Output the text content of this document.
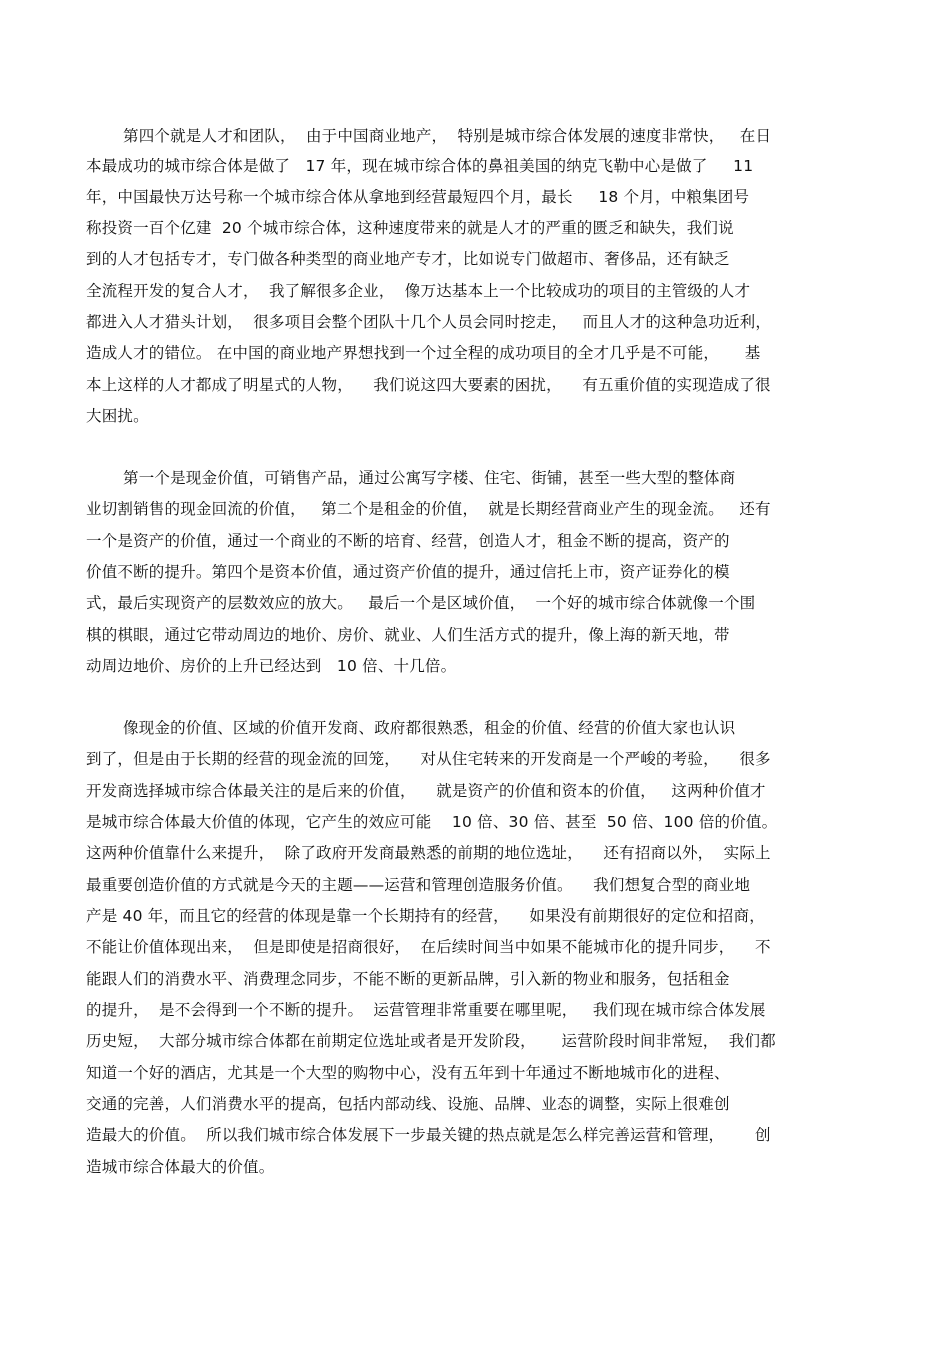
第四个就是人才和团队，  由于中国商业地产，  特别是城市综合体发展的速度非常快，   在日
本最成功的城市综合体是做了   17 年，现在城市综合体的鼻祖美国的纳克飞勒中心是做了     11
年，中国最快万达号称一个城市综合体从拿地到经营最短四个月，最长     18 个月，中粮集团号
称投资一百个亿建  20 个城市综合体，这种速度带来的就是人才的严重的匮乏和缺失，我们说
到的人才包括专才，专门做各种类型的商业地产专才，比如说专门做超市、奢侈品，还有缺乏
全流程开发的复合人才，  我了解很多企业，  像万达基本上一个比较成功的项目的主管级的人才
都进入人才猎头计划，  很多项目会整个团队十几个人员会同时挖走，   而且人才的这种急功近利，
造成人才的错位。 在中国的商业地产界想找到一个过全程的成功项目的全才几乎是不可能，     基
本上这样的人才都成了明星式的人物，    我们说这四大要素的困扰，    有五重价值的实现造成了很
大困扰。
第一个是现金价值，可销售产品，通过公寓写字楼、住宅、街铺，甚至一些大型的整体商
业切割销售的现金回流的价值，   第二个是租金的价值，  就是长期经营商业产生的现金流。   还有
一个是资产的价值，通过一个商业的不断的培育、经营，创造人才，租金不断的提高，资产的
价值不断的提升。第四个是资本价值，通过资产价值的提升，通过信托上市，资产证券化的模
式，最后实现资产的层数效应的放大。   最后一个是区域价值，  一个好的城市综合体就像一个围
棋的棋眼，通过它带动周边的地价、房价、就业、人们生活方式的提升，像上海的新天地，带
动周边地价、房价的上升已经达到   10 倍、十几倍。
像现金的价值、区域的价值开发商、政府都很熟悉，租金的价值、经营的价值大家也认识
到了，但是由于长期的经营的现金流的回笼，    对从住宅转来的开发商是一个严峻的考验，    很多
开发商选择城市综合体最关注的是后来的价值，    就是资产的价值和资本的价值，   这两种价值才
是城市综合体最大价值的体现，它产生的效应可能    10 倍、30 倍、甚至  50 倍、100 倍的价值。
这两种价值靠什么来提升，  除了政府开发商最熟悉的前期的地位选址，    还有招商以外，  实际上
最重要创造价值的方式就是今天的主题——运营和管理创造服务价值。    我们想复合型的商业地
产是 40 年，而且它的经营的体现是靠一个长期持有的经营，    如果没有前期很好的定位和招商，
不能让价值体现出来，  但是即使是招商很好，  在后续时间当中如果不能城市化的提升同步，    不
能跟人们的消费水平、消费理念同步，不能不断的更新品牌，引入新的物业和服务，包括租金
的提升，  是不会得到一个不断的提升。  运营管理非常重要在哪里呢，   我们现在城市综合体发展
历史短，  大部分城市综合体都在前期定位选址或者是开发阶段，     运营阶段时间非常短，  我们都
知道一个好的酒店，尤其是一个大型的购物中心，没有五年到十年通过不断地城市化的进程、
交通的完善，人们消费水平的提高，包括内部动线、设施、品牌、业态的调整，实际上很难创
造最大的价值。  所以我们城市综合体发展下一步最关键的热点就是怎么样完善运营和管理，      创
造城市综合体最大的价值。
